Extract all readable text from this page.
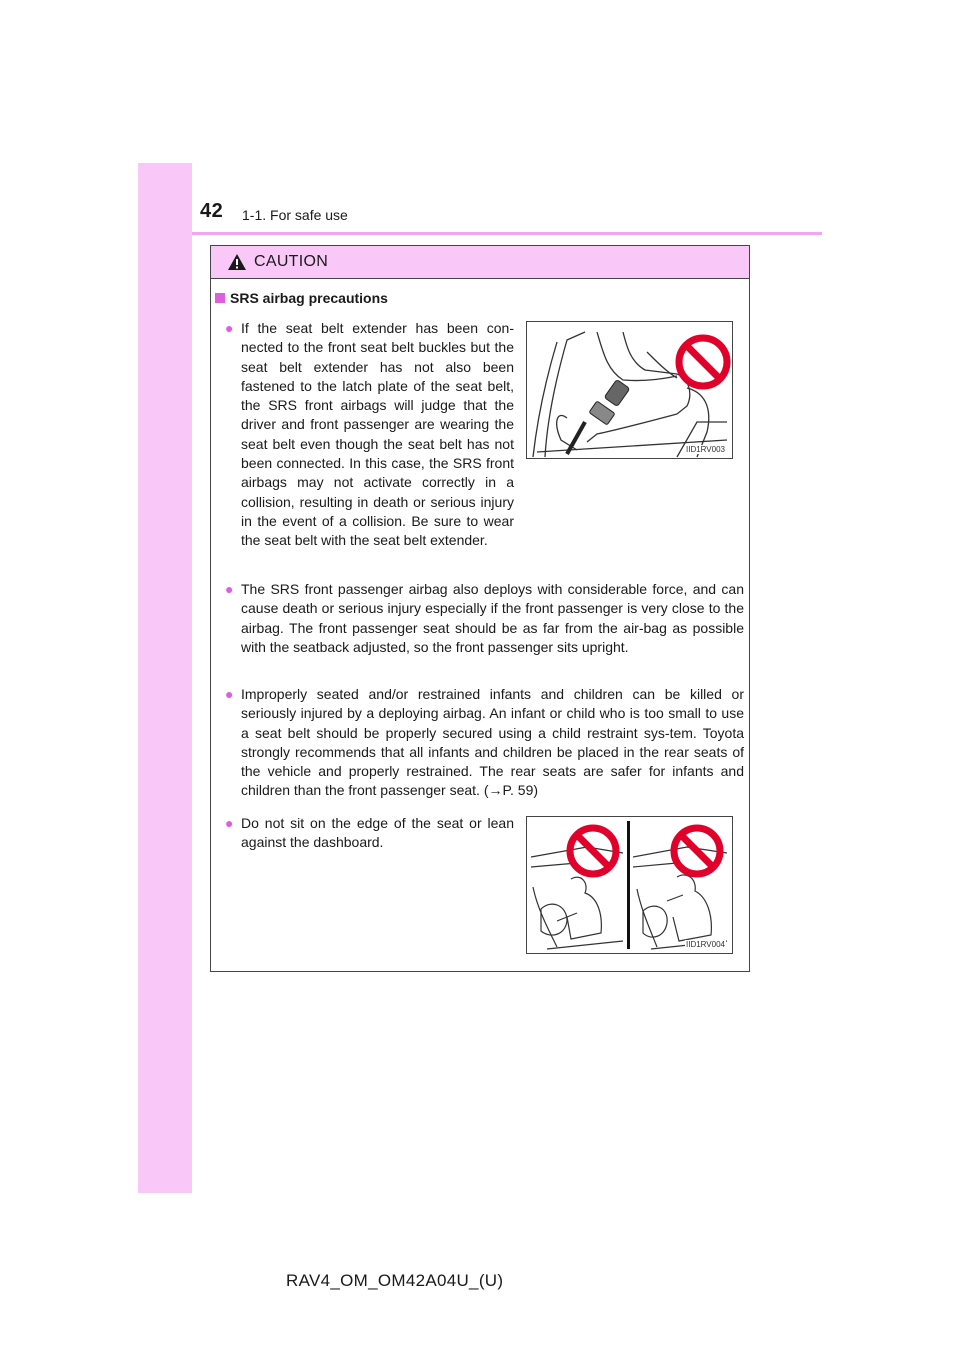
42 1-1. For safe use
CAUTION
SRS airbag precautions
● If the seat belt extender has been con-nected to the front seat belt buckles but the seat belt extender has not also been fastened to the latch plate of the seat belt, the SRS front airbags will judge that the driver and front passenger are wearing the seat belt even though the seat belt has not been connected. In this case, the SRS front airbags may not activate correctly in a collision, resulting in death or serious injury in the event of a collision. Be sure to wear the seat belt with the seat belt extender.
IID1RV003
● The SRS front passenger airbag also deploys with considerable force, and can cause death or serious injury especially if the front passenger is very close to the airbag. The front passenger seat should be as far from the air-bag as possible with the seatback adjusted, so the front passenger sits upright.
● Improperly seated and/or restrained infants and children can be killed or seriously injured by a deploying airbag. An infant or child who is too small to use a seat belt should be properly secured using a child restraint sys-tem. Toyota strongly recommends that all infants and children be placed in the rear seats of the vehicle and properly restrained. The rear seats are safer for infants and children than the front passenger seat. (→P. 59)
● Do not sit on the edge of the seat or lean against the dashboard.
IID1RV004
RAV4_OM_OM42A04U_(U)
